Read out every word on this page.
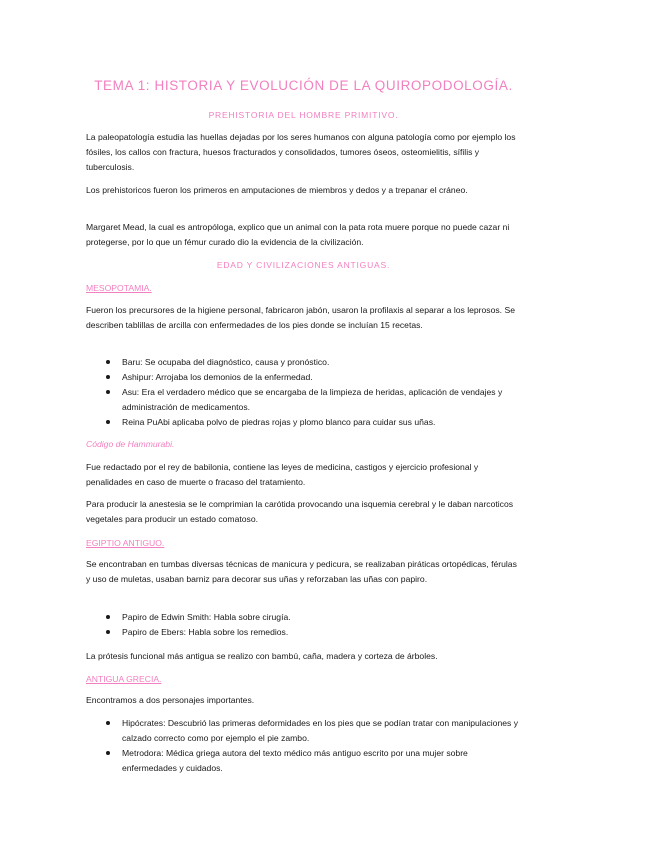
TEMA 1: HISTORIA Y EVOLUCIÓN DE LA QUIROPODOLOGÍA.
PREHISTORIA DEL HOMBRE PRIMITIVO.

La paleopatología estudia las huellas dejadas por los seres humanos con alguna patología como por ejemplo los fósiles, los callos con fractura, huesos fracturados y consolidados, tumores óseos, osteomielitis, sífilis y tuberculosis.

Los prehistoricos fueron los primeros en amputaciones de miembros y dedos y a trepanar el cráneo.

Margaret Mead, la cual es antropóloga, explico que un animal con la pata rota muere porque no puede cazar ni protegerse, por lo que un fémur curado dio la evidencia de la civilización.

EDAD Y CIVILIZACIONES ANTIGUAS.
MESOPOTAMIA.

Fueron los precursores de la higiene personal, fabricaron jabón, usaron la profilaxis al separar a los leprosos. Se describen tablillas de arcilla con enfermedades de los pies donde se incluían 15 recetas.

Baru: Se ocupaba del diagnóstico, causa y pronóstico.
Ashipur: Arrojaba los demonios de la enfermedad.
Asu: Era el verdadero médico que se encargaba de la limpieza de heridas, aplicación de vendajes y administración de medicamentos.
Reina PuAbi aplicaba polvo de piedras rojas y plomo blanco para cuidar sus uñas.
Código de Hammurabi.

Fue redactado por el rey de babilonia, contiene las leyes de medicina, castigos y ejercicio profesional y penalidades en caso de muerte o fracaso del tratamiento.

Para producir la anestesia se le comprimian la carótida provocando una isquemia cerebral y le daban narcoticos vegetales para producir un estado comatoso.

EGIPTIO ANTIGUO.

Se encontraban en tumbas diversas técnicas de manicura y pedicura, se realizaban piráticas ortopédicas, férulas y uso de muletas, usaban barniz para decorar sus uñas y reforzaban las uñas con papiro.

Papiro de Edwin Smith: Habla sobre cirugía.
Papiro de Ebers: Habla sobre los remedios.

La prótesis funcional más antigua se realizo con bambú, caña, madera y corteza de árboles.

ANTIGUA GRECIA.

Encontramos a dos personajes importantes.

Hipócrates: Descubrió las primeras deformidades en los pies que se podían tratar con manipulaciones y calzado correcto como por ejemplo el pie zambo.
Metrodora: Médica griega autora del texto médico más antiguo escrito por una mujer sobre enfermedades y cuidados.
